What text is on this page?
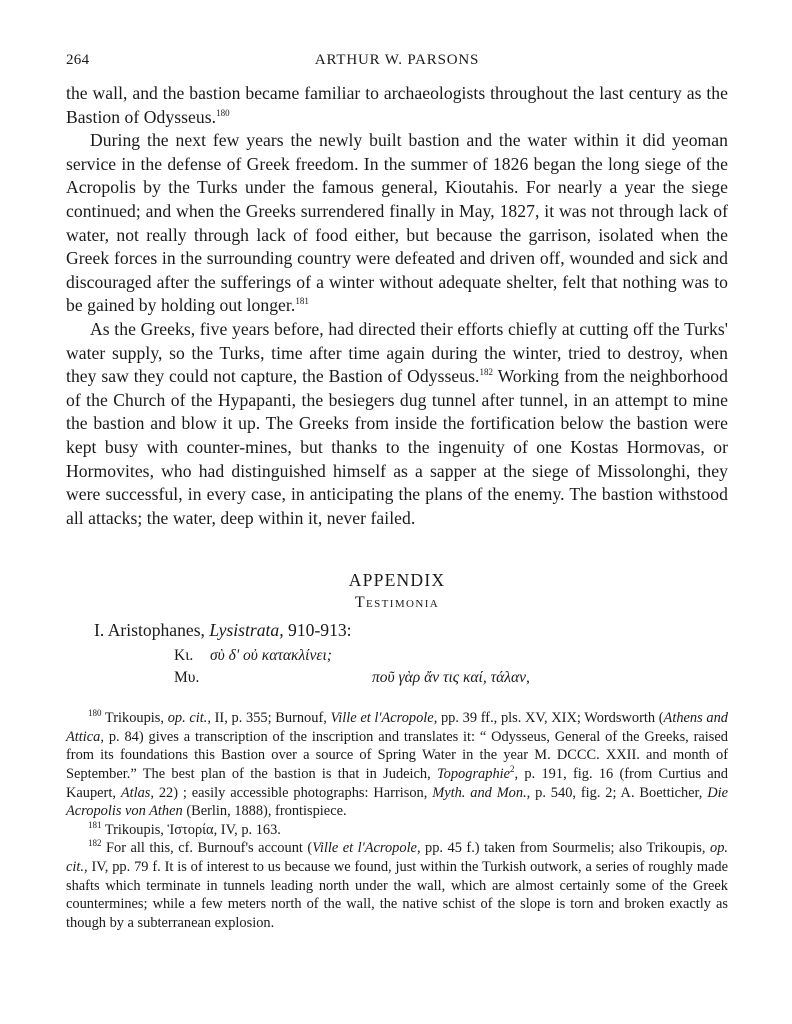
264	ARTHUR W. PARSONS

the wall, and the bastion became familiar to archaeologists throughout the last century as the Bastion of Odysseus.$^{180}$

During the next few years the newly built bastion and the water within it did yeoman service in the defense of Greek freedom. In the summer of 1826 began the long siege of the Acropolis by the Turks under the famous general, Kioutahis. For nearly a year the siege continued; and when the Greeks surrendered finally in May, 1827, it was not through lack of water, not really through lack of food either, but because the garrison, isolated when the Greek forces in the surrounding country were defeated and driven off, wounded and sick and discouraged after the sufferings of a winter without adequate shelter, felt that nothing was to be gained by holding out longer.$^{181}$

As the Greeks, five years before, had directed their efforts chiefly at cutting off the Turks' water supply, so the Turks, time after time again during the winter, tried to destroy, when they saw they could not capture, the Bastion of Odysseus.$^{182}$ Working from the neighborhood of the Church of the Hypapanti, the besiegers dug tunnel after tunnel, in an attempt to mine the bastion and blow it up. The Greeks from inside the fortification below the bastion were kept busy with counter-mines, but thanks to the ingenuity of one Kostas Hormovas, or Hormovites, who had distinguished himself as a sapper at the siege of Missolonghi, they were successful, in every case, in anticipating the plans of the enemy. The bastion withstood all attacks; the water, deep within it, never failed.

APPENDIX
Testimonia
I. Aristophanes, Lysistrata, 910-913:
Κι. σὺ δ' οὐ κατακλίνει;
Μυ.	ποῦ γὰρ ἄν τις καί, τάλαν,

$^{180}$ Trikoupis, op. cit., II, p. 355; Burnouf, Ville et l'Acropole, pp. 39 ff., pls. XV, XIX; Wordsworth (Athens and Attica, p. 84) gives a transcription of the inscription and translates it: “ Odysseus, General of the Greeks, raised from its foundations this Bastion over a source of Spring Water in the year M. DCCC. XXII. and month of September.” The best plan of the bastion is that in Judeich, Topographie$^2$, p. 191, fig. 16 (from Curtius and Kaupert, Atlas, 22) ; easily accessible photographs: Harrison, Myth. and Mon., p. 540, fig. 2; A. Boetticher, Die Acropolis von Athen (Berlin, 1888), frontispiece.

$^{181}$ Trikoupis, Ἱστορία, IV, p. 163.

$^{182}$ For all this, cf. Burnouf's account (Ville et l'Acropole, pp. 45 f.) taken from Sourmelis; also Trikoupis, op. cit., IV, pp. 79 f. It is of interest to us because we found, just within the Turkish outwork, a series of roughly made shafts which terminate in tunnels leading north under the wall, which are almost certainly some of the Greek countermines; while a few meters north of the wall, the native schist of the slope is torn and broken exactly as though by a subterranean explosion.
